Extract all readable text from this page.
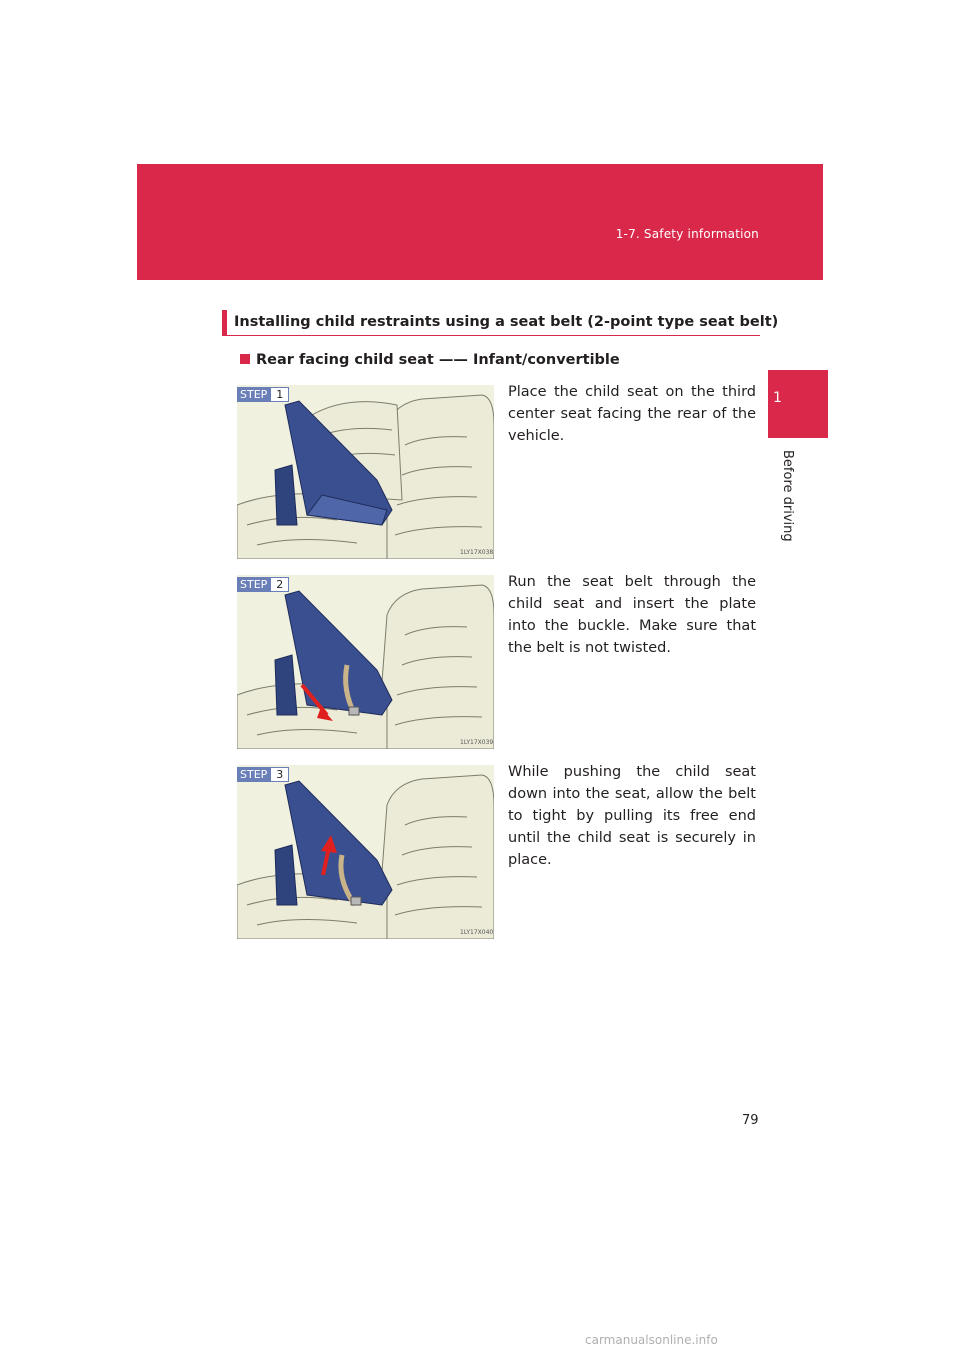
1-7. Safety information
1
Before driving
Installing child restraints using a seat belt (2-point type seat belt)
Rear facing child seat —— Infant/convertible
STEP 1
1LY17X038
Place the child seat on the third center seat facing the rear of the vehicle.
STEP 2
1LY17X039
Run the seat belt through the child seat and insert the plate into the buckle. Make sure that the belt is not twisted.
STEP 3
1LY17X040
While pushing the child seat down into the seat, allow the belt to tight by pulling its free end until the child seat is securely in place.
79
carmanualsonline.info
